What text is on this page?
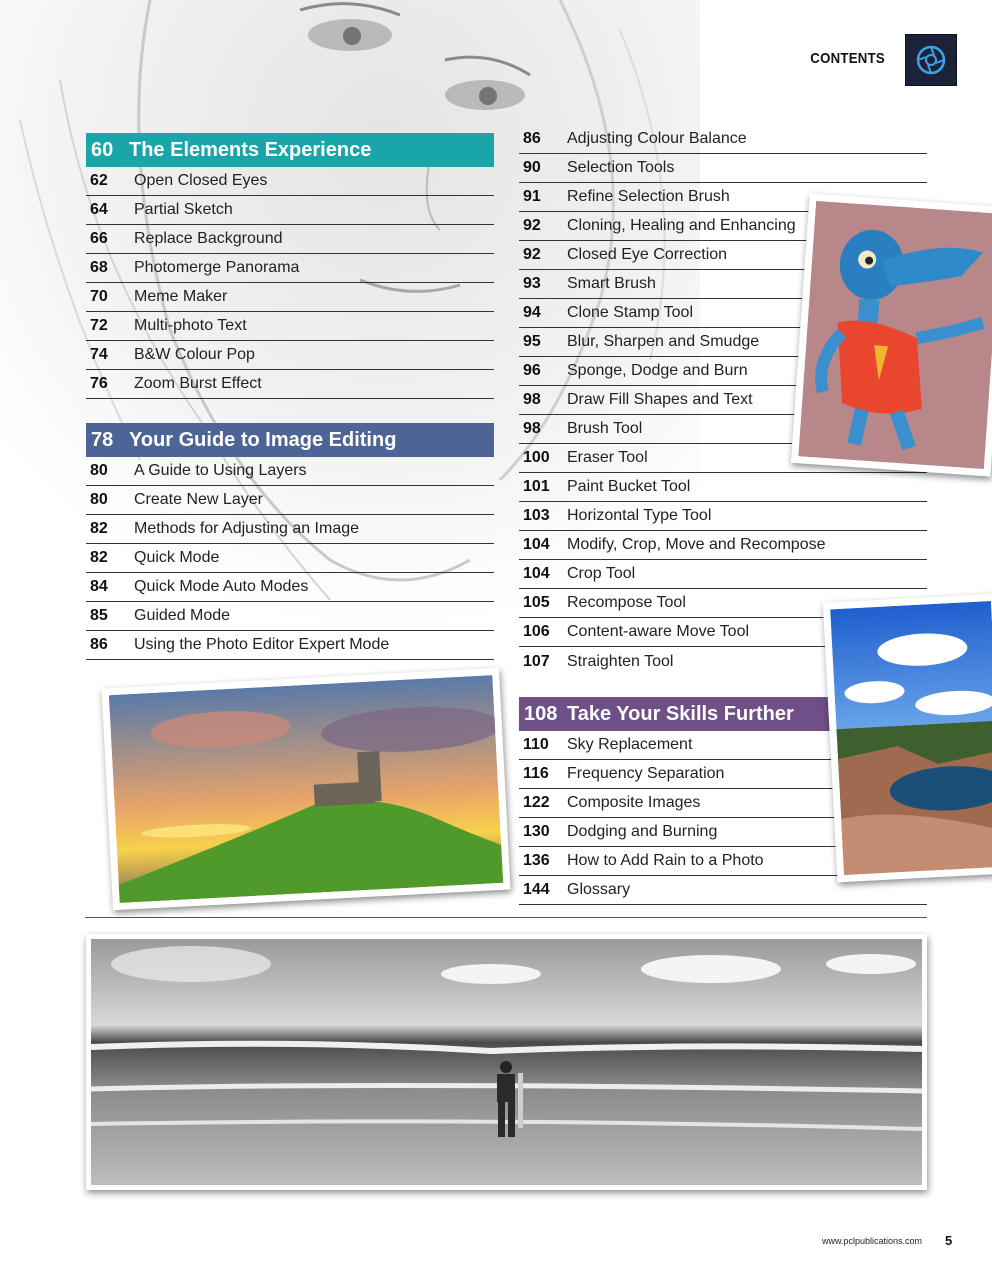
CONTENTS
60 The Elements Experience
62	Open Closed Eyes
64	Partial Sketch
66	Replace Background
68	Photomerge Panorama
70	Meme Maker
72	Multi-photo Text
74	B&W Colour Pop
76	Zoom Burst Effect
78 Your Guide to Image Editing
80	A Guide to Using Layers
80	Create New Layer
82	Methods for Adjusting an Image
82	Quick Mode
84	Quick Mode Auto Modes
85	Guided Mode
86	Using the Photo Editor Expert Mode
86	Adjusting Colour Balance
90	Selection Tools
91	Refine Selection Brush
92	Cloning, Healing and Enhancing
92	Closed Eye Correction
93	Smart Brush
94	Clone Stamp Tool
95	Blur, Sharpen and Smudge
96	Sponge, Dodge and Burn
98	Draw Fill Shapes and Text
98	Brush Tool
100	Eraser Tool
101	Paint Bucket Tool
103	Horizontal Type Tool
104	Modify, Crop, Move and Recompose
104	Crop Tool
105	Recompose Tool
106	Content-aware Move Tool
107	Straighten Tool
108 Take Your Skills Further
110	Sky Replacement
116	Frequency Separation
122	Composite Images
130	Dodging and Burning
136	How to Add Rain to a Photo
144	Glossary
www.pclpublications.com 5
